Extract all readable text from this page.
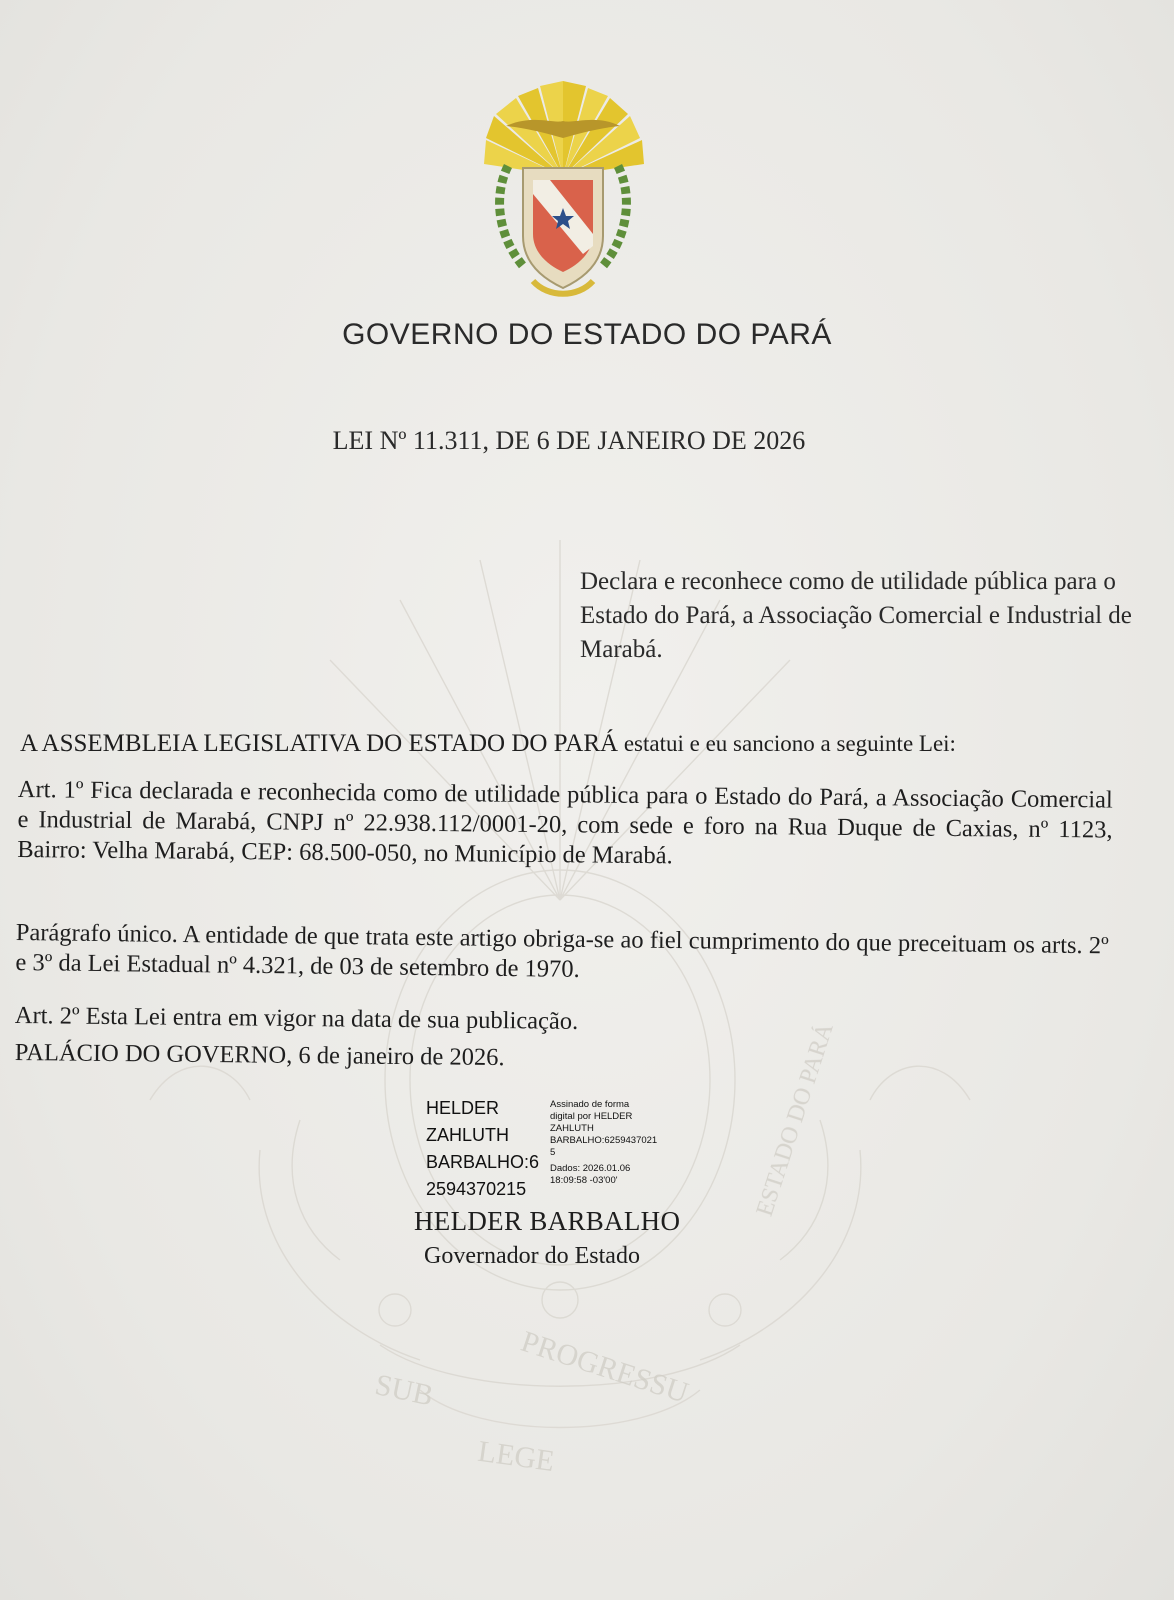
SUB	PROGRESSU
LEGE
ESTADO DO PARÁ
GOVERNO DO ESTADO DO PARÁ
LEI Nº 11.311, DE 6 DE JANEIRO DE 2026
Declara e reconhece como de utilidade pública para o Estado do Pará, a Associação Comercial e Industrial de Marabá.
A ASSEMBLEIA LEGISLATIVA DO ESTADO DO PARÁ estatui e eu sanciono a seguinte Lei:
Art. 1º Fica declarada e reconhecida como de utilidade pública para o Estado do Pará, a Associação Comercial e Industrial de Marabá, CNPJ nº 22.938.112/0001-20, com sede e foro na Rua Duque de Caxias, nº 1123, Bairro: Velha Marabá, CEP: 68.500-050, no Município de Marabá.
Parágrafo único. A entidade de que trata este artigo obriga-se ao fiel cumprimento do que preceituam os arts. 2º e 3º da Lei Estadual nº 4.321, de 03 de setembro de 1970.
Art. 2º Esta Lei entra em vigor na data de sua publicação.
PALÁCIO DO GOVERNO, 6 de janeiro de 2026.
HELDER
ZAHLUTH
BARBALHO:6
2594370215
Assinado de forma
digital por HELDER
ZAHLUTH
BARBALHO:6259437021
5
Dados: 2026.01.06
18:09:58 -03'00'
HELDER BARBALHO
Governador do Estado
